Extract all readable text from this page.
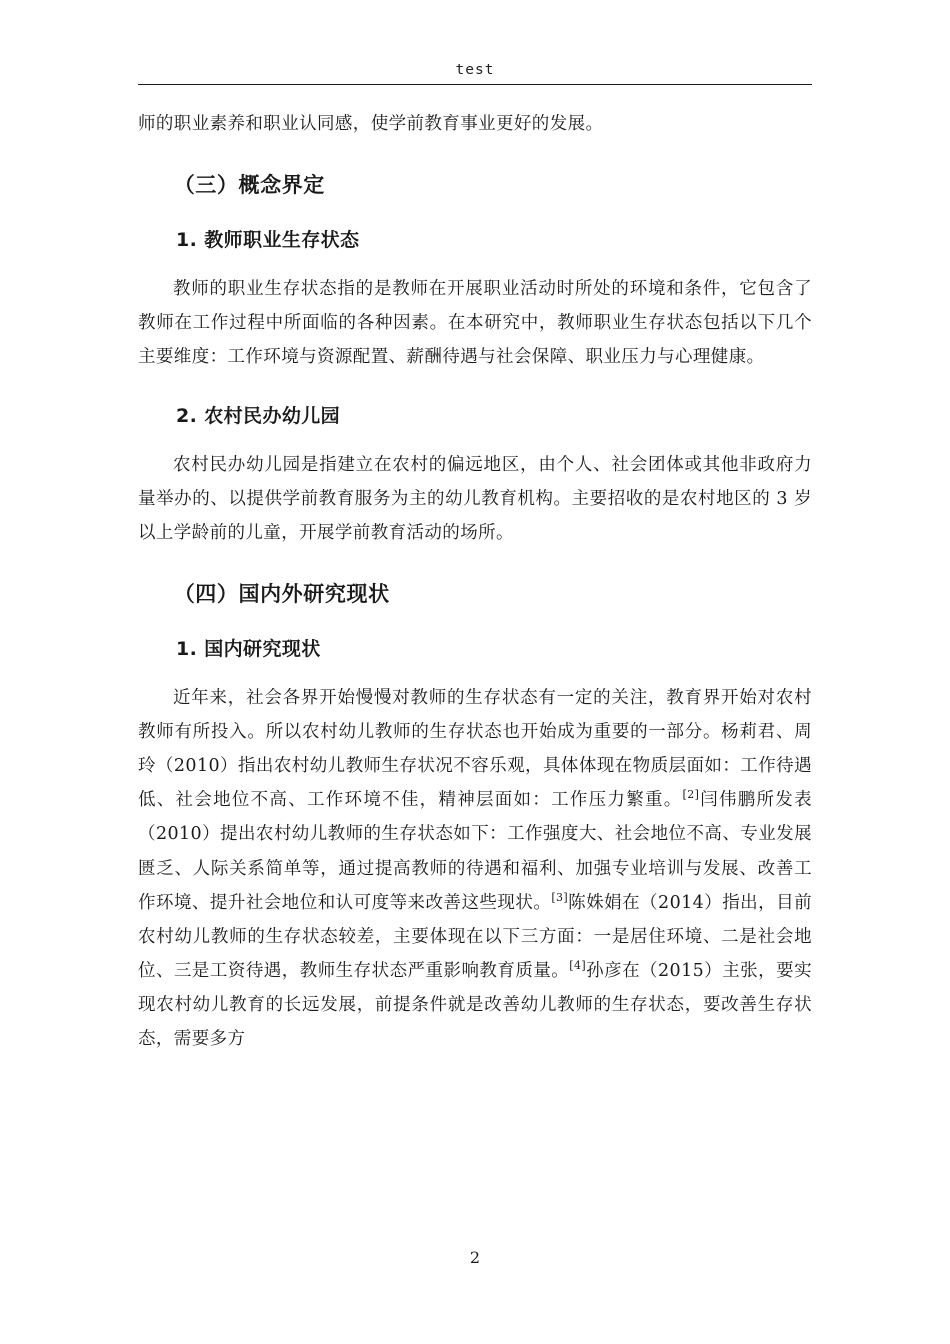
test

师的职业素养和职业认同感，使学前教育事业更好的发展。

（三）概念界定
1. 教师职业生存状态

教师的职业生存状态指的是教师在开展职业活动时所处的环境和条件，它包含了教师在工作过程中所面临的各种因素。在本研究中，教师职业生存状态包括以下几个主要维度：工作环境与资源配置、薪酬待遇与社会保障、职业压力与心理健康。

2. 农村民办幼儿园

农村民办幼儿园是指建立在农村的偏远地区，由个人、社会团体或其他非政府力量举办的、以提供学前教育服务为主的幼儿教育机构。主要招收的是农村地区的 3 岁以上学龄前的儿童，开展学前教育活动的场所。

（四）国内外研究现状
1. 国内研究现状

近年来，社会各界开始慢慢对教师的生存状态有一定的关注，教育界开始对农村教师有所投入。所以农村幼儿教师的生存状态也开始成为重要的一部分。杨莉君、周玲（2010）指出农村幼儿教师生存状况不容乐观，具体体现在物质层面如：工作待遇低、社会地位不高、工作环境不佳，精神层面如：工作压力繁重。[2]闫伟鹏所发表 （2010）提出农村幼儿教师的生存状态如下：工作强度大、社会地位不高、专业发展匮乏、人际关系简单等，通过提高教师的待遇和福利、加强专业培训与发展、改善工作环境、提升社会地位和认可度等来改善这些现状。[3]陈姝娟在（2014）指出，目前农村幼儿教师的生存状态较差，主要体现在以下三方面：一是居住环境、二是社会地位、三是工资待遇，教师生存状态严重影响教育质量。[4]孙彦在（2015）主张，要实现农村幼儿教育的长远发展，前提条件就是改善幼儿教师的生存状态，要改善生存状态，需要多方

2
